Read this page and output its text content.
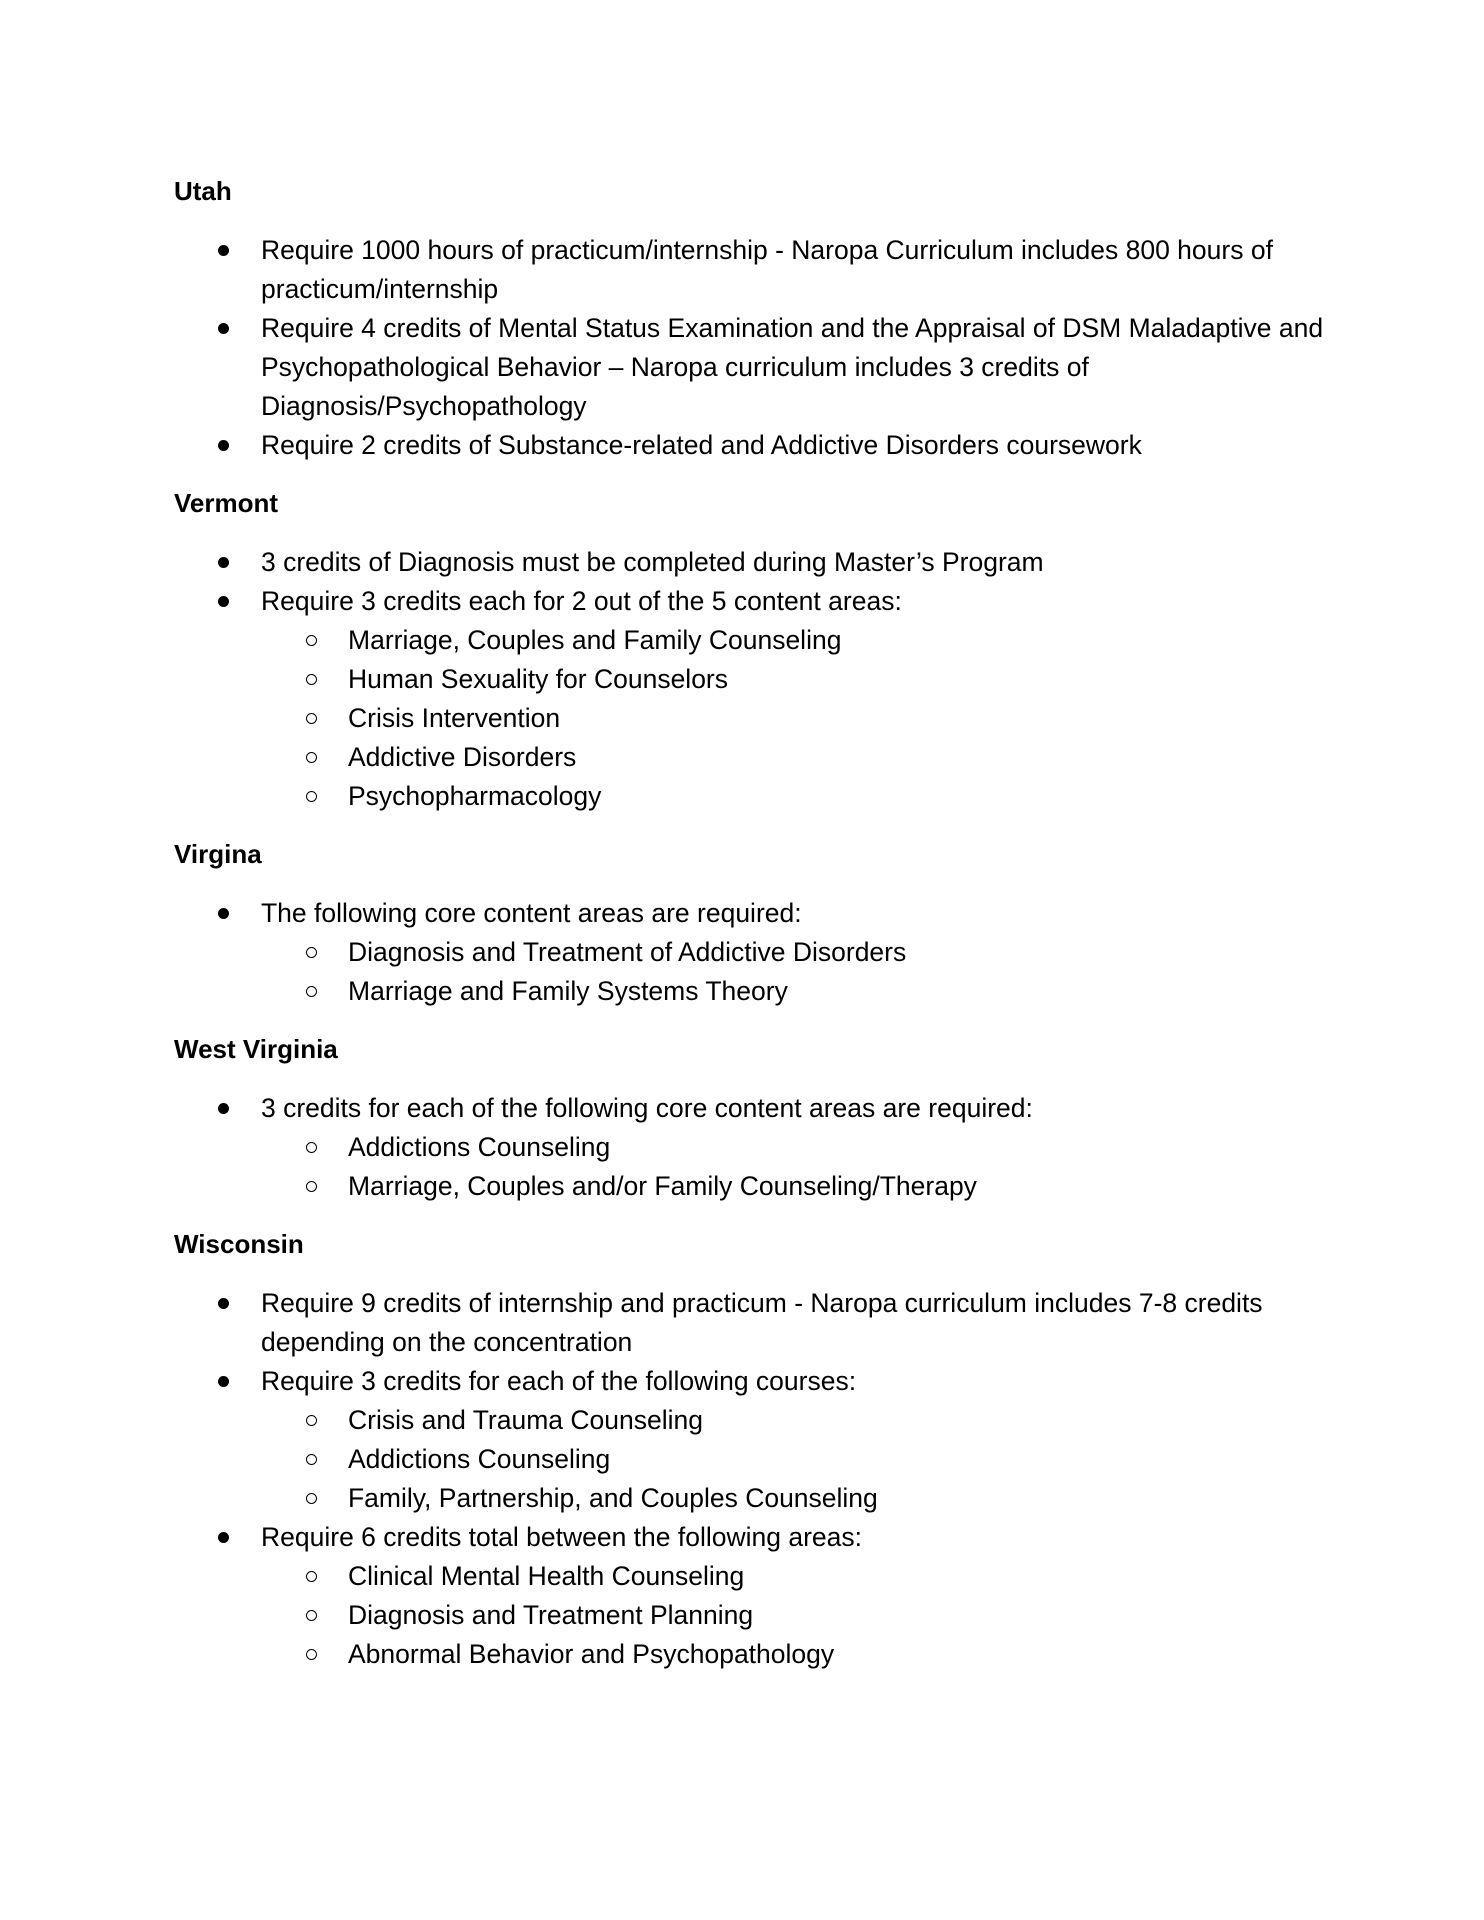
Utah
Require 1000 hours of practicum/internship - Naropa Curriculum includes 800 hours of practicum/internship
Require 4 credits of Mental Status Examination and the Appraisal of DSM Maladaptive and Psychopathological Behavior – Naropa curriculum includes 3 credits of Diagnosis/Psychopathology
Require 2 credits of Substance-related and Addictive Disorders coursework
Vermont
3 credits of Diagnosis must be completed during Master’s Program
Require 3 credits each for 2 out of the 5 content areas:
Marriage, Couples and Family Counseling
Human Sexuality for Counselors
Crisis Intervention
Addictive Disorders
Psychopharmacology
Virgina
The following core content areas are required:
Diagnosis and Treatment of Addictive Disorders
Marriage and Family Systems Theory
West Virginia
3 credits for each of the following core content areas are required:
Addictions Counseling
Marriage, Couples and/or Family Counseling/Therapy
Wisconsin
Require 9 credits of internship and practicum - Naropa curriculum includes 7-8 credits depending on the concentration
Require 3 credits for each of the following courses:
Crisis and Trauma Counseling
Addictions Counseling
Family, Partnership, and Couples Counseling
Require 6 credits total between the following areas:
Clinical Mental Health Counseling
Diagnosis and Treatment Planning
Abnormal Behavior and Psychopathology
